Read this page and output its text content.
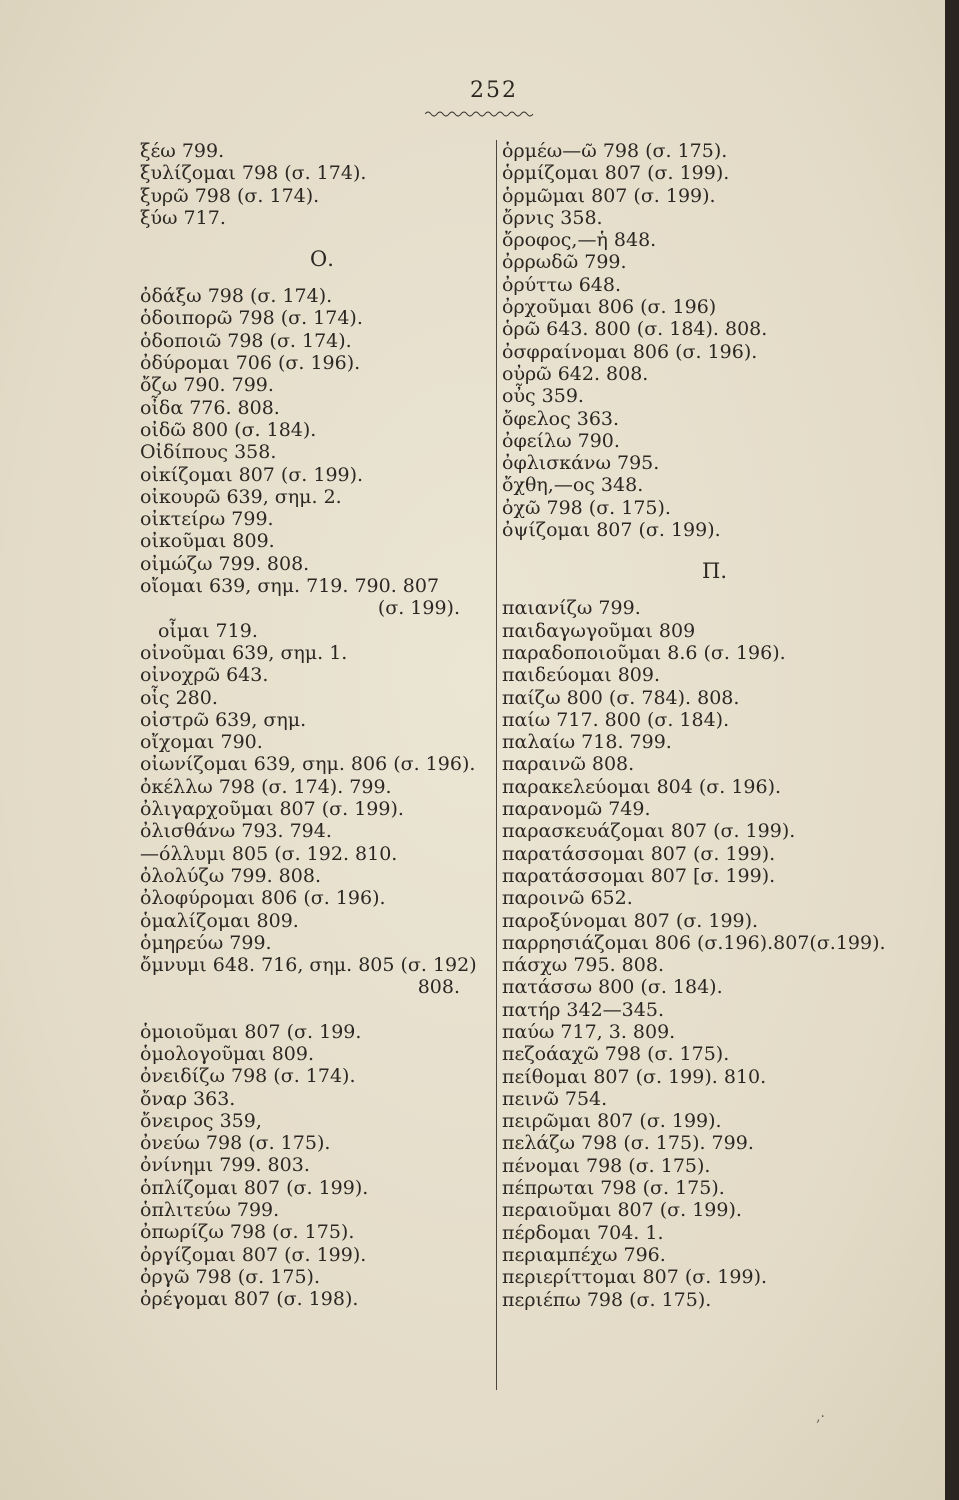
252
ξέω 799.
ξυλίζομαι 798 (σ. 174).
ξυρῶ 798 (σ. 174).
ξύω 717.
Ο.
ὀδάξω 798 (σ. 174).
ὁδοιπορῶ 798 (σ. 174).
ὁδοποιῶ 798 (σ. 174).
ὀδύρομαι 706 (σ. 196).
ὄζω 790. 799.
οἶδα 776. 808.
οἰδῶ 800 (σ. 184).
Οἰδίπους 358.
οἰκίζομαι 807 (σ. 199).
οἰκουρῶ 639, σημ. 2.
οἰκτείρω 799.
οἰκοῦμαι 809.
οἰμώζω 799. 808.
οἴομαι 639, σημ. 719. 790. 807
(σ. 199).
οἶμαι 719.
οἰνοῦμαι 639, σημ. 1.
οἰνοχρῶ 643.
οἷς 280.
οἰστρῶ 639, σημ.
οἴχομαι 790.
οἰωνίζομαι 639, σημ. 806 (σ. 196).
ὀκέλλω 798 (σ. 174). 799.
ὀλιγαρχοῦμαι 807 (σ. 199).
ὀλισθάνω 793. 794.
—όλλυμι 805 (σ. 192. 810.
ὀλολύζω 799. 808.
ὀλοφύρομαι 806 (σ. 196).
ὁμαλίζομαι 809.
ὁμηρεύω 799.
ὄμνυμι 648. 716, σημ. 805 (σ. 192)
808.
ὁμοιοῦμαι 807 (σ. 199.
ὁμολογοῦμαι 809.
ὀνειδίζω 798 (σ. 174).
ὄναρ 363.
ὄνειρος 359,
ὀνεύω 798 (σ. 175).
ὀνίνημι 799. 803.
ὁπλίζομαι 807 (σ. 199).
ὁπλιτεύω 799.
ὀπωρίζω 798 (σ. 175).
ὀργίζομαι 807 (σ. 199).
ὀργῶ 798 (σ. 175).
ὀρέγομαι 807 (σ. 198).
ὁρμέω—ῶ 798 (σ. 175).
ὁρμίζομαι 807 (σ. 199).
ὁρμῶμαι 807 (σ. 199).
ὄρνις 358.
ὄροφος,—ἡ 848.
ὀρρωδῶ 799.
ὀρύττω 648.
ὀρχοῦμαι 806 (σ. 196)
ὁρῶ 643. 800 (σ. 184). 808.
ὀσφραίνομαι 806 (σ. 196).
οὐρῶ 642. 808.
οὖς 359.
ὄφελος 363.
ὀφείλω 790.
ὀφλισκάνω 795.
ὄχθη,—ος 348.
ὀχῶ 798 (σ. 175).
ὀψίζομαι 807 (σ. 199).
Π.
παιανίζω 799.
παιδαγωγοῦμαι 809
παραδοποιοῦμαι 8.6 (σ. 196).
παιδεύομαι 809.
παίζω 800 (σ. 784). 808.
παίω 717. 800 (σ. 184).
παλαίω 718. 799.
παραινῶ 808.
παρακελεύομαι 804 (σ. 196).
παρανομῶ 749.
παρασκευάζομαι 807 (σ. 199).
παρατάσσομαι 807 (σ. 199).
παρατάσσομαι 807 [σ. 199).
παροινῶ 652.
παροξύνομαι 807 (σ. 199).
παρρησιάζομαι 806 (σ.196).807(σ.199).
πάσχω 795. 808.
πατάσσω 800 (σ. 184).
πατήρ 342—345.
παύω 717, 3. 809.
πεζοάαχῶ 798 (σ. 175).
πείθομαι 807 (σ. 199). 810.
πεινῶ 754.
πειρῶμαι 807 (σ. 199).
πελάζω 798 (σ. 175). 799.
πένομαι 798 (σ. 175).
πέπρωται 798 (σ. 175).
περαιοῦμαι 807 (σ. 199).
πέρδομαι 704. 1.
περιαμπέχω 796.
περιερίττομαι 807 (σ. 199).
περιέπω 798 (σ. 175).
,·
